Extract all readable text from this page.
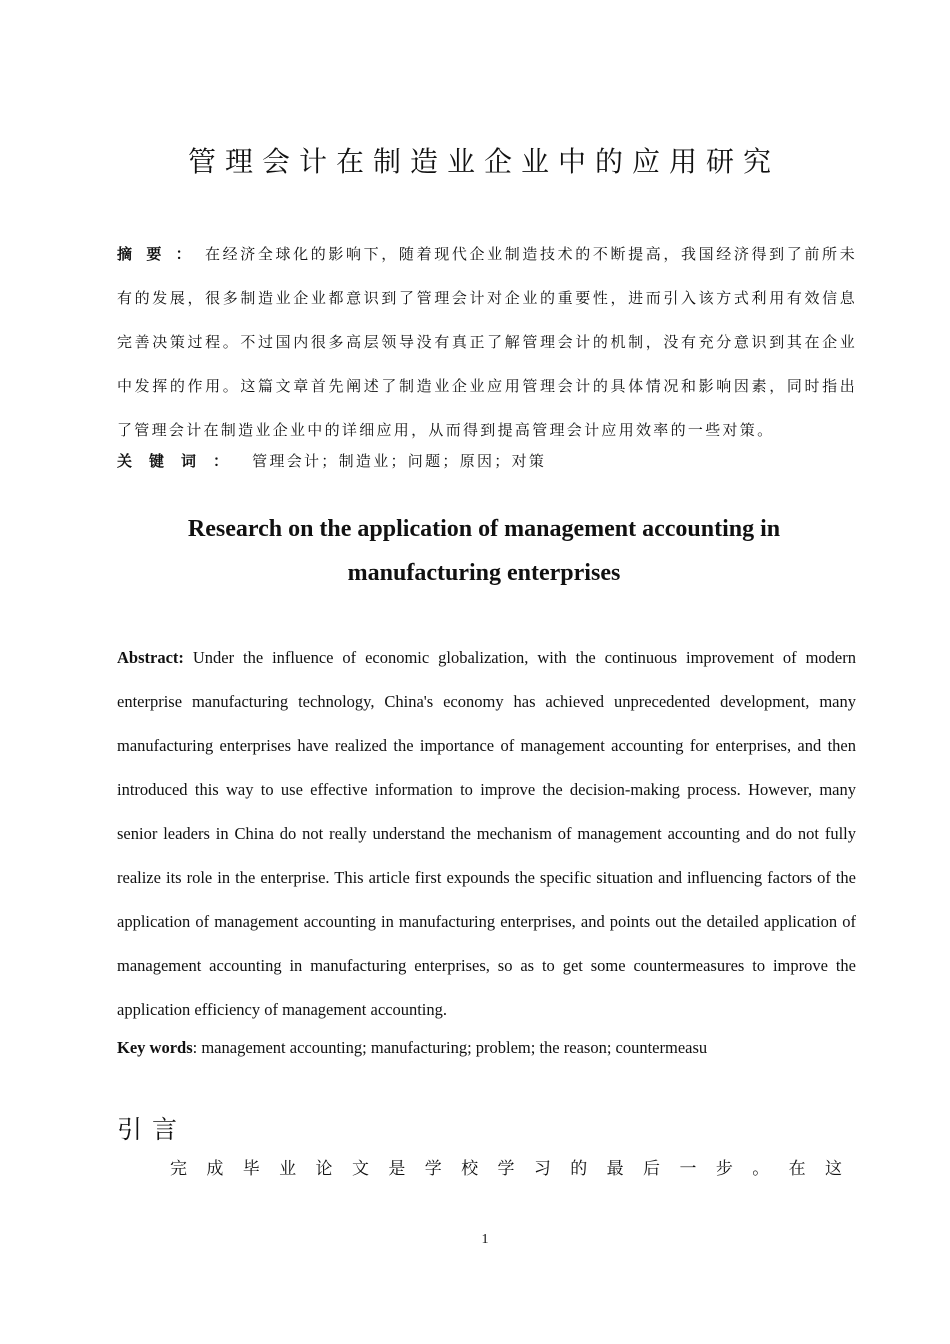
管理会计在制造业企业中的应用研究
摘要：在经济全球化的影响下，随着现代企业制造技术的不断提高，我国经济得到了前所未有的发展，很多制造业企业都意识到了管理会计对企业的重要性，进而引入该方式利用有效信息完善决策过程。不过国内很多高层领导没有真正了解管理会计的机制，没有充分意识到其在企业中发挥的作用。这篇文章首先阐述了制造业企业应用管理会计的具体情况和影响因素，同时指出了管理会计在制造业企业中的详细应用，从而得到提高管理会计应用效率的一些对策。
关键词： 管理会计；制造业；问题；原因；对策
Research on the application of management accounting in
manufacturing enterprises
Abstract: Under the influence of economic globalization, with the continuous improvement of modern enterprise manufacturing technology, China's economy has achieved unprecedented development, many manufacturing enterprises have realized the importance of management accounting for enterprises, and then introduced this way to use effective information to improve the decision-making process. However, many senior leaders in China do not really understand the mechanism of management accounting and do not fully realize its role in the enterprise. This article first expounds the specific situation and influencing factors of the application of management accounting in manufacturing enterprises, and points out the detailed application of management accounting in manufacturing enterprises, so as to get some countermeasures to improve the application efficiency of management accounting.
Key words: management accounting; manufacturing; problem; the reason; countermeasu
引言
完成毕业论文是学校学习的最后一步。在这
1
